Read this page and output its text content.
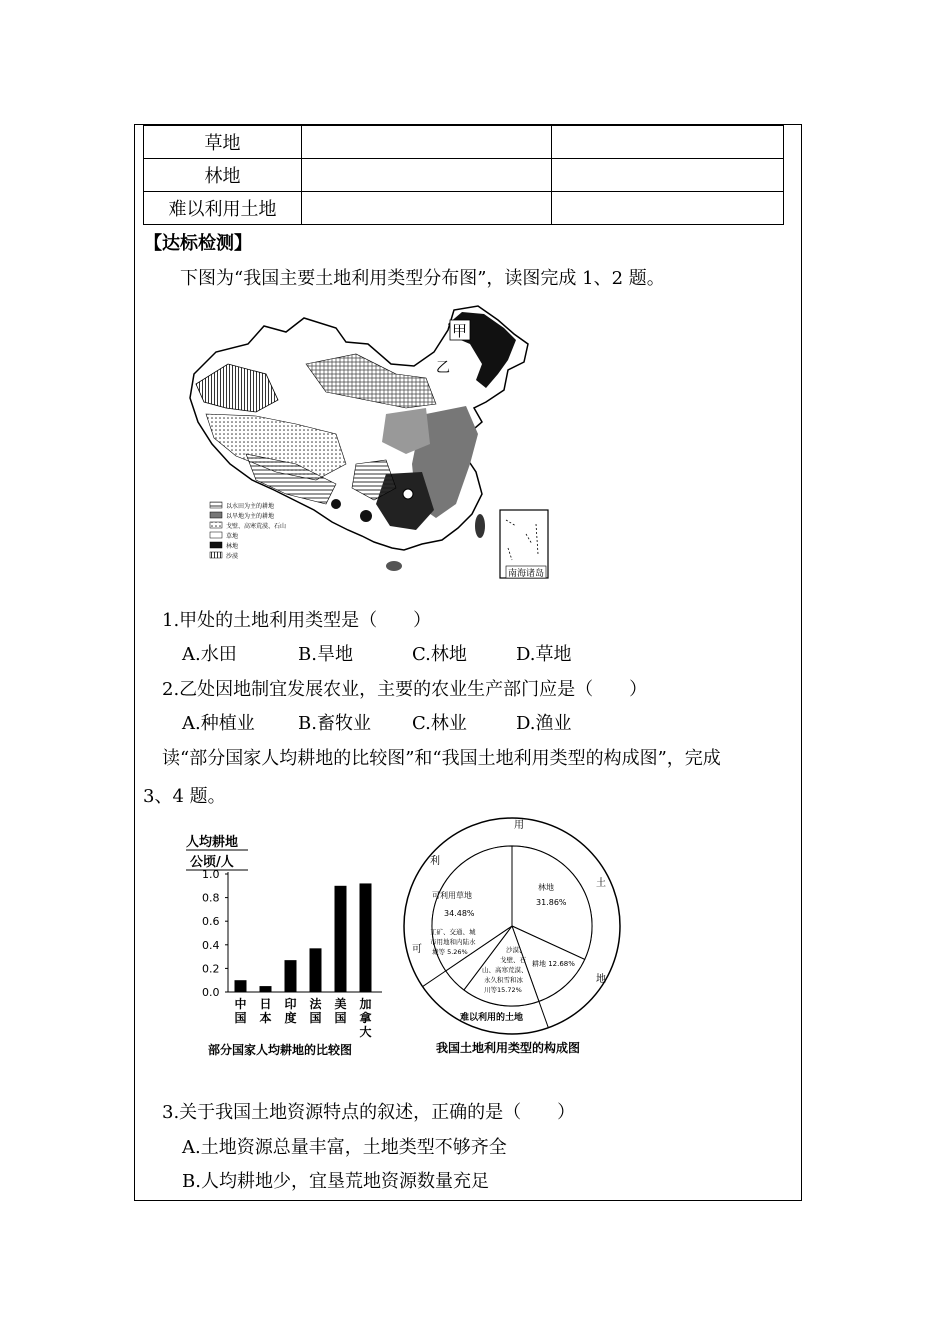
草地		
林地		
难以利用土地		
【达标检测】
下图为“我国主要土地利用类型分布图”，读图完成 1、2 题。
甲
乙
以水田为主的耕地
以旱地为主的耕地
戈壁、高寒荒漠、石山
草地
林地
沙漠
南海诸岛
1.甲处的土地利用类型是（　　）
A.水田	B.旱地	C.林地	D.草地
2.乙处因地制宜发展农业，主要的农业生产部门应是（　　）
A.种植业 B.畜牧业 C.林业	D.渔业
读“部分国家人均耕地的比较图”和“我国土地利用类型的构成图”，完成
3、4 题。
人均耕地
公顷/人
0.0
0.2
0.4
0.6
0.8
1.0
中
国
日
本
印
度
法
国
美
国
加
拿
大
部分国家人均耕地的比较图
用
土
地
可
利
林地
31.86%
可利用草地
34.48%
耕地 12.68%
工矿、交通、城
市用地和内陆水
城等 5.26%	沙漠、
戈壁、石
山、高寒荒漠、
永久积雪和冰
川等15.72%
难以利用的土地
我国土地利用类型的构成图
3.关于我国土地资源特点的叙述，正确的是（　　）
A.土地资源总量丰富，土地类型不够齐全
B.人均耕地少，宜垦荒地资源数量充足
